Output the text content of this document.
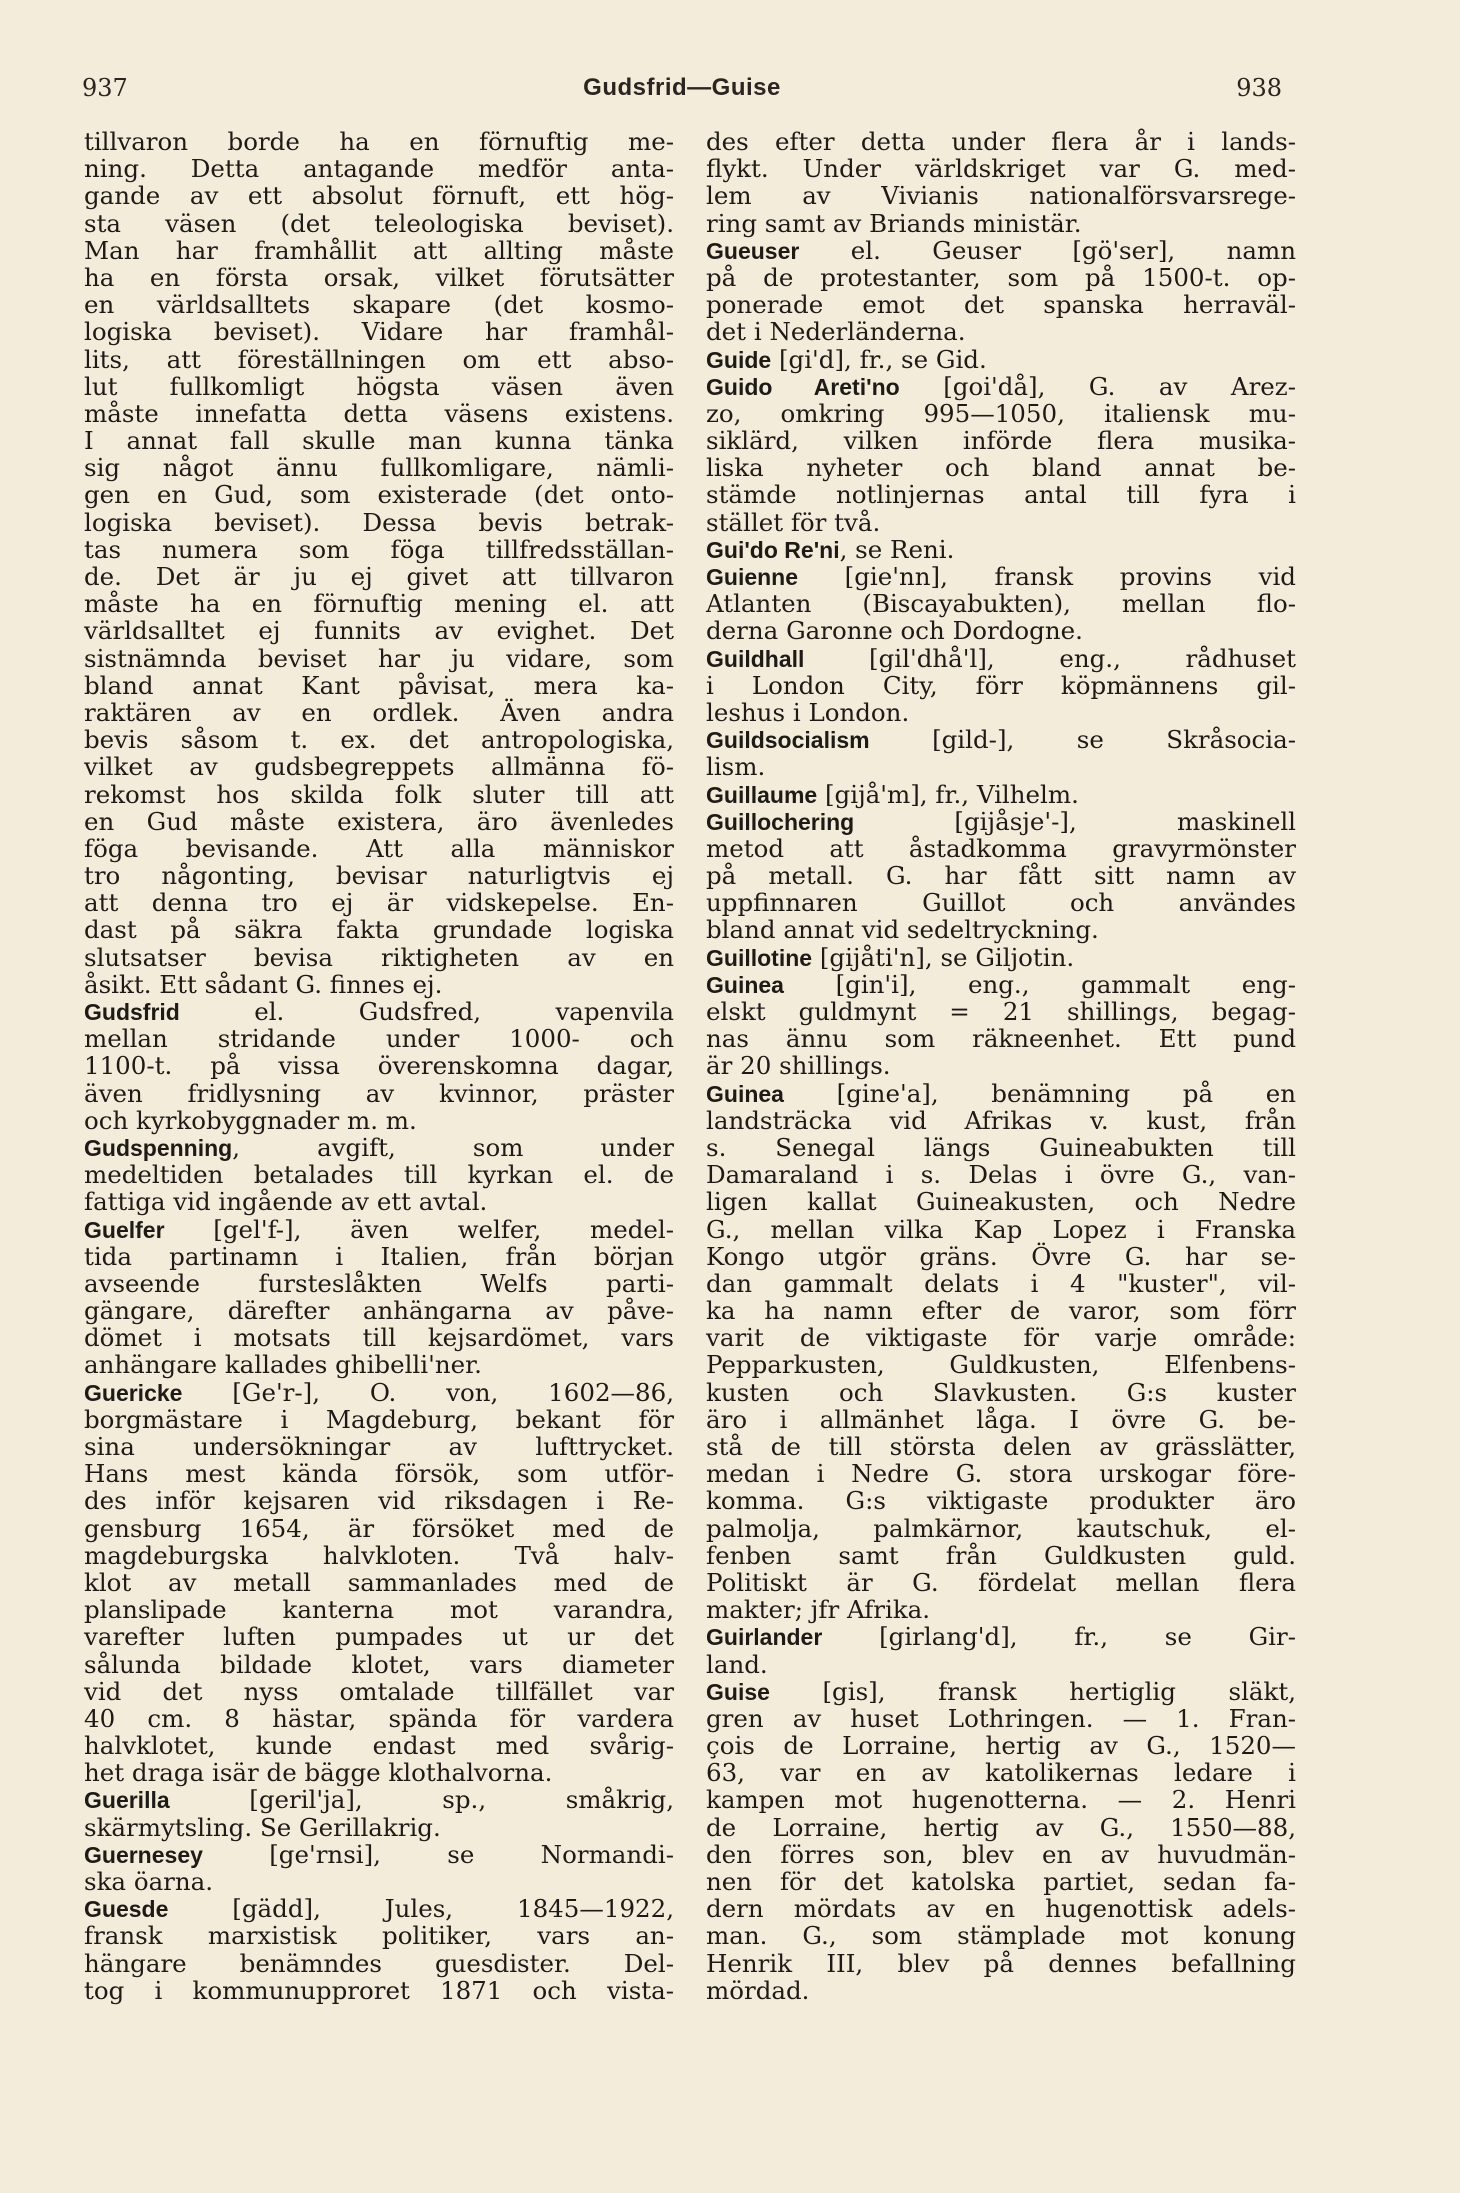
937	Gudsfrid—Guise	938
tillvaron borde ha en förnuftig me-
ning. Detta antagande medför anta-
gande av ett absolut förnuft, ett hög-
sta väsen (det teleologiska beviset).
Man har framhållit att allting måste
ha en första orsak, vilket förutsätter
en världsalltets skapare (det kosmo-
logiska beviset). Vidare har framhål-
lits, att föreställningen om ett abso-
lut fullkomligt högsta väsen även
måste innefatta detta väsens existens.
I annat fall skulle man kunna tänka
sig något ännu fullkomligare, nämli-
gen en Gud, som existerade (det onto-
logiska beviset). Dessa bevis betrak-
tas numera som föga tillfredsställan-
de. Det är ju ej givet att tillvaron
måste ha en förnuftig mening el. att
världsalltet ej funnits av evighet. Det
sistnämnda beviset har ju vidare, som
bland annat Kant påvisat, mera ka-
raktären av en ordlek. Även andra
bevis såsom t. ex. det antropologiska,
vilket av gudsbegreppets allmänna fö-
rekomst hos skilda folk sluter till att
en Gud måste existera, äro ävenledes
föga bevisande. Att alla människor
tro någonting, bevisar naturligtvis ej
att denna tro ej är vidskepelse. En-
dast på säkra fakta grundade logiska
slutsatser bevisa riktigheten av en
åsikt. Ett sådant G. finnes ej.
Gudsfrid el. Gudsfred, vapenvila
mellan stridande under 1000- och
1100-t. på vissa överenskomna dagar,
även fridlysning av kvinnor, präster
och kyrkobyggnader m. m.
Gudspenning, avgift, som under
medeltiden betalades till kyrkan el. de
fattiga vid ingående av ett avtal.
Guelfer [gel'f-], även welfer, medel-
tida partinamn i Italien, från början
avseende fursteslåkten Welfs parti-
gängare, därefter anhängarna av påve-
dömet i motsats till kejsardömet, vars
anhängare kallades ghibelli'ner.
Guericke [Ge'r-], O. von, 1602—86,
borgmästare i Magdeburg, bekant för
sina undersökningar av lufttrycket.
Hans mest kända försök, som utför-
des inför kejsaren vid riksdagen i Re-
gensburg 1654, är försöket med de
magdeburgska halvkloten. Två halv-
klot av metall sammanlades med de
planslipade kanterna mot varandra,
varefter luften pumpades ut ur det
sålunda bildade klotet, vars diameter
vid det nyss omtalade tillfället var
40 cm. 8 hästar, spända för vardera
halvklotet, kunde endast med svårig-
het draga isär de bägge klothalvorna.
Guerilla [geril'ja], sp., småkrig,
skärmytsling. Se Gerillakrig.
Guernesey [ge'rnsi], se Normandi-
ska öarna.
Guesde [gädd], Jules, 1845—1922,
fransk marxistisk politiker, vars an-
hängare benämndes guesdister. Del-
tog i kommunupproret 1871 och vista-
des efter detta under flera år i lands-
flykt. Under världskriget var G. med-
lem av Vivianis nationalförsvarsrege-
ring samt av Briands ministär.
Gueuser el. Geuser [gö'ser], namn
på de protestanter, som på 1500-t. op-
ponerade emot det spanska herraväl-
det i Nederländerna.
Guide [gi'd], fr., se Gid.
Guido Areti'no [goi'då], G. av Arez-
zo, omkring 995—1050, italiensk mu-
siklärd, vilken införde flera musika-
liska nyheter och bland annat be-
stämde notlinjernas antal till fyra i
stället för två.
Gui'do Re'ni, se Reni.
Guienne [gie'nn], fransk provins vid
Atlanten (Biscayabukten), mellan flo-
derna Garonne och Dordogne.
Guildhall [gil'dhå'l], eng., rådhuset
i London City, förr köpmännens gil-
leshus i London.
Guildsocialism [gild-], se Skråsocia-
lism.
Guillaume [gijå'm], fr., Vilhelm.
Guillochering [gijåsje'-], maskinell
metod att åstadkomma gravyrmönster
på metall. G. har fått sitt namn av
uppfinnaren Guillot och användes
bland annat vid sedeltryckning.
Guillotine [gijåti'n], se Giljotin.
Guinea [gin'i], eng., gammalt eng-
elskt guldmynt = 21 shillings, begag-
nas ännu som räkneenhet. Ett pund
är 20 shillings.
Guinea [gine'a], benämning på en
landsträcka vid Afrikas v. kust, från
s. Senegal längs Guineabukten till
Damaraland i s. Delas i övre G., van-
ligen kallat Guineakusten, och Nedre
G., mellan vilka Kap Lopez i Franska
Kongo utgör gräns. Övre G. har se-
dan gammalt delats i 4 "kuster", vil-
ka ha namn efter de varor, som förr
varit de viktigaste för varje område:
Pepparkusten, Guldkusten, Elfenbens-
kusten och Slavkusten. G:s kuster
äro i allmänhet låga. I övre G. be-
stå de till största delen av grässlätter,
medan i Nedre G. stora urskogar före-
komma. G:s viktigaste produkter äro
palmolja, palmkärnor, kautschuk, el-
fenben samt från Guldkusten guld.
Politiskt är G. fördelat mellan flera
makter; jfr Afrika.
Guirlander [girlang'd], fr., se Gir-
land.
Guise [gis], fransk hertiglig släkt,
gren av huset Lothringen. — 1. Fran-
çois de Lorraine, hertig av G., 1520—
63, var en av katolikernas ledare i
kampen mot hugenotterna. — 2. Henri
de Lorraine, hertig av G., 1550—88,
den förres son, blev en av huvudmän-
nen för det katolska partiet, sedan fa-
dern mördats av en hugenottisk adels-
man. G., som stämplade mot konung
Henrik III, blev på dennes befallning
mördad.
